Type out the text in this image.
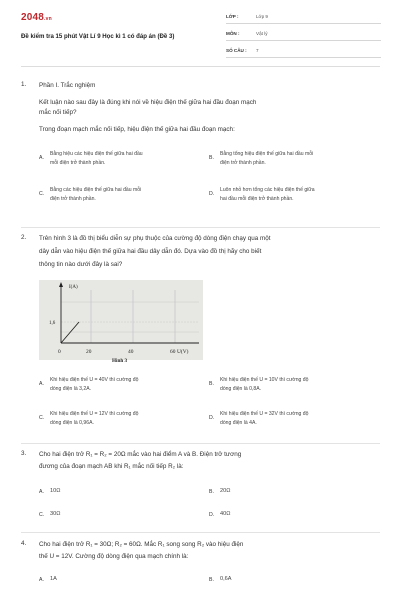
2048.vn
Đề kiểm tra 15 phút Vật Lí 9 Học kì 1 có đáp án (Đề 3)
LỚP :	Lớp 9
MÔN :	Vật lý
SỐ CÂU : 7
1. Phần I. Trắc nghiệm
Kết luận nào sau đây là đúng khi nói về hiệu điện thế giữa hai đầu đoạn mạch
mắc nối tiếp?
Trong đoạn mạch mắc nối tiếp, hiệu điện thế giữa hai đầu đoạn mạch:
A.
Bằng hiệu các hiệu điện thế giữa hai đầu
mỗi điện trở thành phần.
B.
Bằng tổng hiệu điện thế giữa hai đầu mỗi
điện trở thành phần.
C.
Bằng các hiệu điện thế giữa hai đầu mỗi
điện trở thành phần.
D.
Luôn nhỏ hơn tổng các hiệu điện thế giữa
hai đầu mỗi điện trở thành phần.
2. Trên hình 3 là đồ thị biểu diễn sự phụ thuộc của cường độ dòng điện chạy qua một
dây dẫn vào hiệu điện thế giữa hai đầu dây dẫn đó. Dựa vào đồ thị hãy cho biết
thông tin nào dưới đây là sai?
I(A)
U(V)
1,6
0	20	40	60
Hình 3
A.
Khi hiệu điện thế U = 40V thì cường độ
dòng điện là 3,2A.
B.
Khi hiệu điện thế U = 10V thì cường độ
dòng điện là 0,8A.
C.
Khi hiệu điện thế U = 12V thì cường độ
dòng điện là 0,96A.
D.
Khi hiệu điện thế U = 32V thì cường độ
dòng điện là 4A.
3. Cho hai điện trở R₁ = R₂ = 20Ω mắc vào hai điểm A và B. Điện trở tương
đương của đoạn mạch AB khi R₁ mắc nối tiếp R₂ là:
A. 10Ω	B. 20Ω
C. 30Ω	D. 40Ω
4. Cho hai điện trở R₁ = 30Ω; R₂ = 60Ω. Mắc R₁ song song R₂ vào hiệu điện
thế U = 12V. Cường độ dòng điện qua mạch chính là:
A. 1A	B. 0,6A
